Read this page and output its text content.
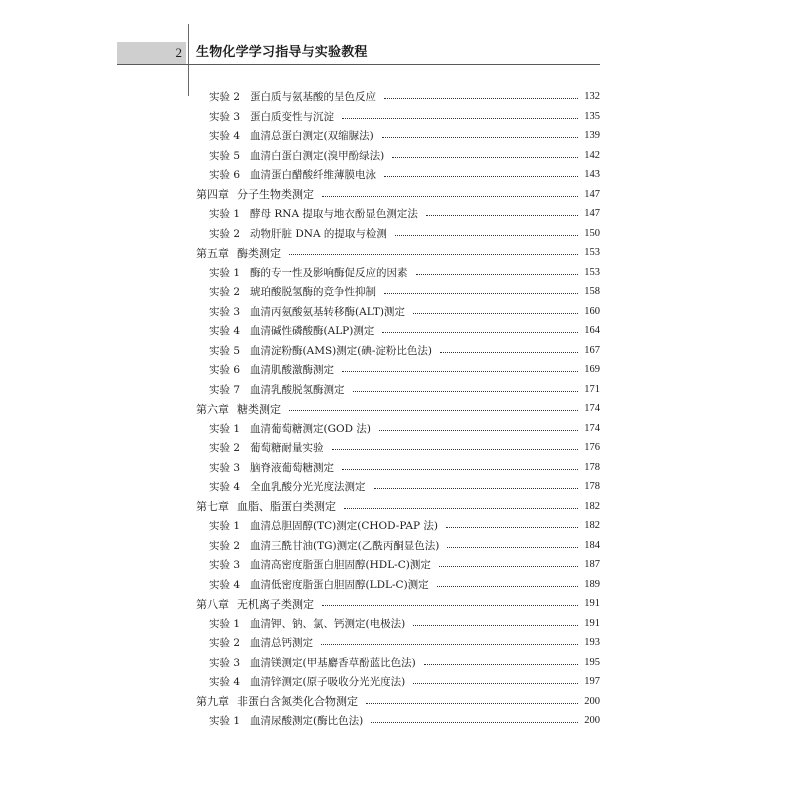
2 生物化学学习指导与实验教程
实验 2 蛋白质与氨基酸的呈色反应	132
实验 3 蛋白质变性与沉淀	135
实验 4 血清总蛋白测定(双缩脲法)	139
实验 5 血清白蛋白测定(溴甲酚绿法)	142
实验 6 血清蛋白醋酸纤维薄膜电泳	143
第四章 分子生物类测定	147
实验 1 酵母 RNA 提取与地衣酚显色测定法	147
实验 2 动物肝脏 DNA 的提取与检测	150
第五章 酶类测定	153
实验 1 酶的专一性及影响酶促反应的因素	153
实验 2 琥珀酸脱氢酶的竞争性抑制	158
实验 3 血清丙氨酸氨基转移酶(ALT)测定	160
实验 4 血清碱性磷酸酶(ALP)测定	164
实验 5 血清淀粉酶(AMS)测定(碘-淀粉比色法)	167
实验 6 血清肌酸激酶测定	169
实验 7 血清乳酸脱氢酶测定	171
第六章 糖类测定	174
实验 1 血清葡萄糖测定(GOD 法)	174
实验 2 葡萄糖耐量实验	176
实验 3 脑脊液葡萄糖测定	178
实验 4 全血乳酸分光光度法测定	178
第七章 血脂、脂蛋白类测定	182
实验 1 血清总胆固醇(TC)测定(CHOD-PAP 法)	182
实验 2 血清三酰甘油(TG)测定(乙酰丙酮显色法)	184
实验 3 血清高密度脂蛋白胆固醇(HDL-C)测定	187
实验 4 血清低密度脂蛋白胆固醇(LDL-C)测定	189
第八章 无机离子类测定	191
实验 1 血清钾、钠、氯、钙测定(电极法)	191
实验 2 血清总钙测定	193
实验 3 血清镁测定(甲基麝香草酚蓝比色法)	195
实验 4 血清锌测定(原子吸收分光光度法)	197
第九章 非蛋白含氮类化合物测定	200
实验 1 血清尿酸测定(酶比色法)	200
